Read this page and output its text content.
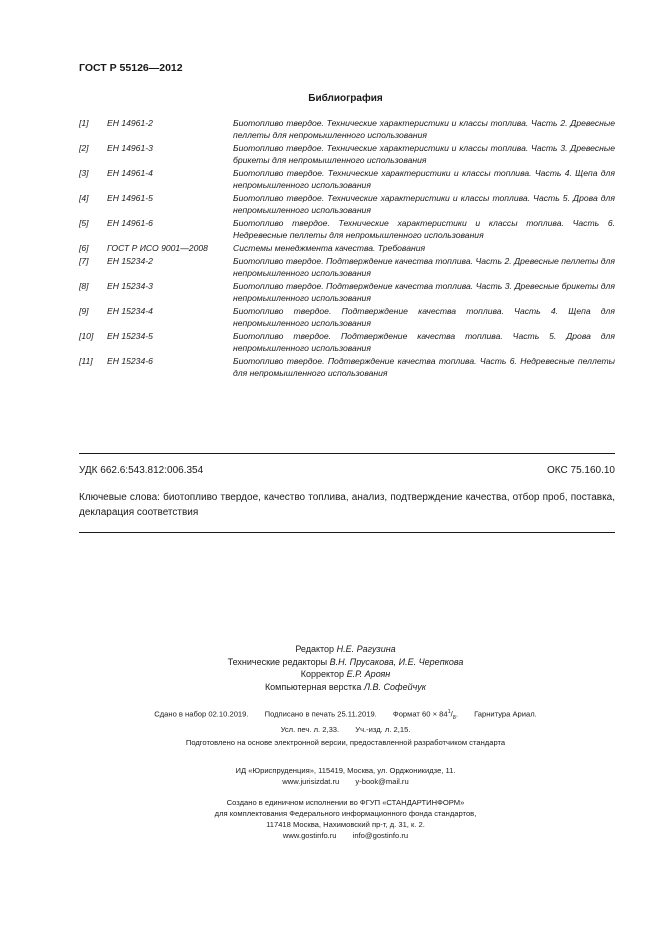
ГОСТ Р 55126—2012
Библиография
[1]	ЕН 14961-2	Биотопливо твердое. Технические характеристики и классы топлива. Часть 2. Древесные пеллеты для непромышленного использования
[2]	ЕН 14961-3	Биотопливо твердое. Технические характеристики и классы топлива. Часть 3. Древесные брикеты для непромышленного использования
[3]	ЕН 14961-4	Биотопливо твердое. Технические характеристики и классы топлива. Часть 4. Щепа для непромышленного использования
[4]	ЕН 14961-5	Биотопливо твердое. Технические характеристики и классы топлива. Часть 5. Дрова для непромышленного использования
[5]	ЕН 14961-6	Биотопливо твердое. Технические характеристики и классы топлива. Часть 6. Недревесные пеллеты для непромышленного использования
[6]	ГОСТ Р ИСО 9001—2008	Системы менеджмента качества. Требования
[7]	ЕН 15234-2	Биотопливо твердое. Подтверждение качества топлива. Часть 2. Древесные пеллеты для непромышленного использования
[8]	ЕН 15234-3	Биотопливо твердое. Подтверждение качества топлива. Часть 3. Древесные брикеты для непромышленного использования
[9]	ЕН 15234-4	Биотопливо твердое. Подтверждение качества топлива. Часть 4. Щепа для непромышленного использования
[10]	ЕН 15234-5	Биотопливо твердое. Подтверждение качества топлива. Часть 5. Дрова для непромышленного использования
[11]	ЕН 15234-6	Биотопливо твердое. Подтверждение качества топлива. Часть 6. Недревесные пеллеты для непромышленного использования
УДК 662.6:543.812:006.354	ОКС 75.160.10
Ключевые слова: биотопливо твердое, качество топлива, анализ, подтверждение качества, отбор проб, поставка, декларация соответствия
Редактор Н.Е. Рагузина
Технические редакторы В.Н. Прусакова, И.Е. Черепкова
Корректор Е.Р. Ароян
Компьютерная верстка Л.В. Софейчук
Сдано в набор 02.10.2019. Подписано в печать 25.11.2019. Формат $60 \times 84^1/_8$. Гарнитура Ариал.
Усл. печ. л. 2,33. Уч.-изд. л. 2,15.
Подготовлено на основе электронной версии, предоставленной разработчиком стандарта
ИД «Юриспруденция», 115419, Москва, ул. Орджоникидзе, 11.
www.jurisizdat.ru y-book@mail.ru
Создано в единичном исполнении во ФГУП «СТАНДАРТИНФОРМ»
для комплектования Федерального информационного фонда стандартов,
117418 Москва, Нахимовский пр-т, д. 31, к. 2.
www.gostinfo.ru info@gostinfo.ru
